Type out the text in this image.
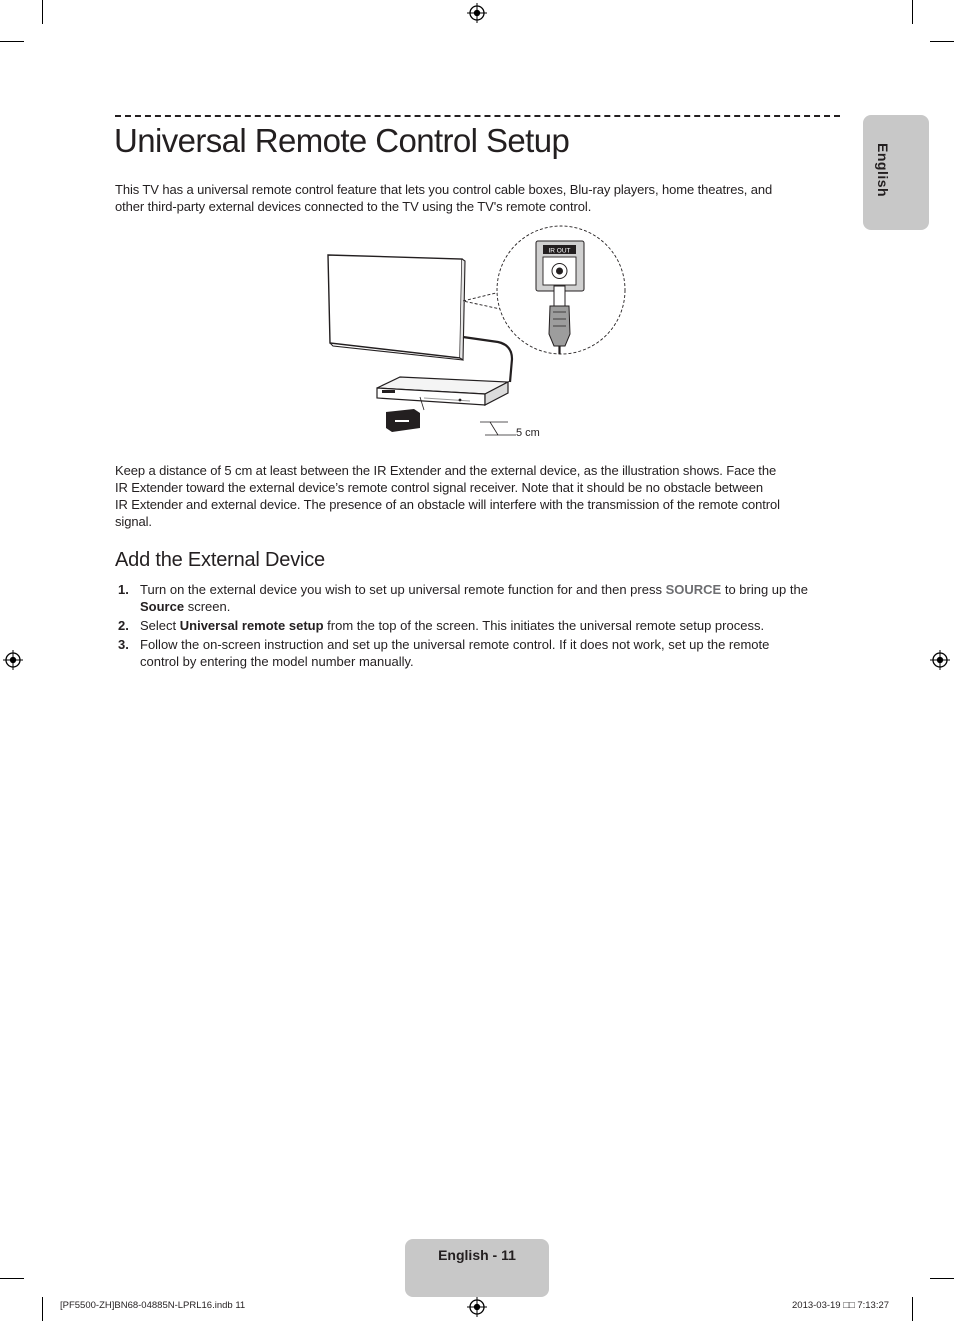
English
Universal Remote Control Setup

This TV has a universal remote control feature that lets you control cable boxes, Blu-ray players, home theatres, and

other third-party external devices connected to the TV using the TV's remote control.

5 cm
IR OUT

Keep a distance of 5 cm at least between the IR Extender and the external device, as the illustration shows. Face the

IR Extender toward the external device’s remote control signal receiver. Note that it should be no obstacle between

IR Extender and external device. The presence of an obstacle will interfere with the transmission of the remote control

signal.

Add the External Device
1. Turn on the external device you wish to set up universal remote function for and then press SOURCE to bring up the

Source screen.

2. Select Universal remote setup from the top of the screen. This initiates the universal remote setup process.

3. Follow the on-screen instruction and set up the universal remote control. If it does not work, set up the remote

control by entering the model number manually.

English - 11
[PF5500-ZH]BN68-04885N-LPRL16.indb 11	2013-03-19 □□ 7:13:27
